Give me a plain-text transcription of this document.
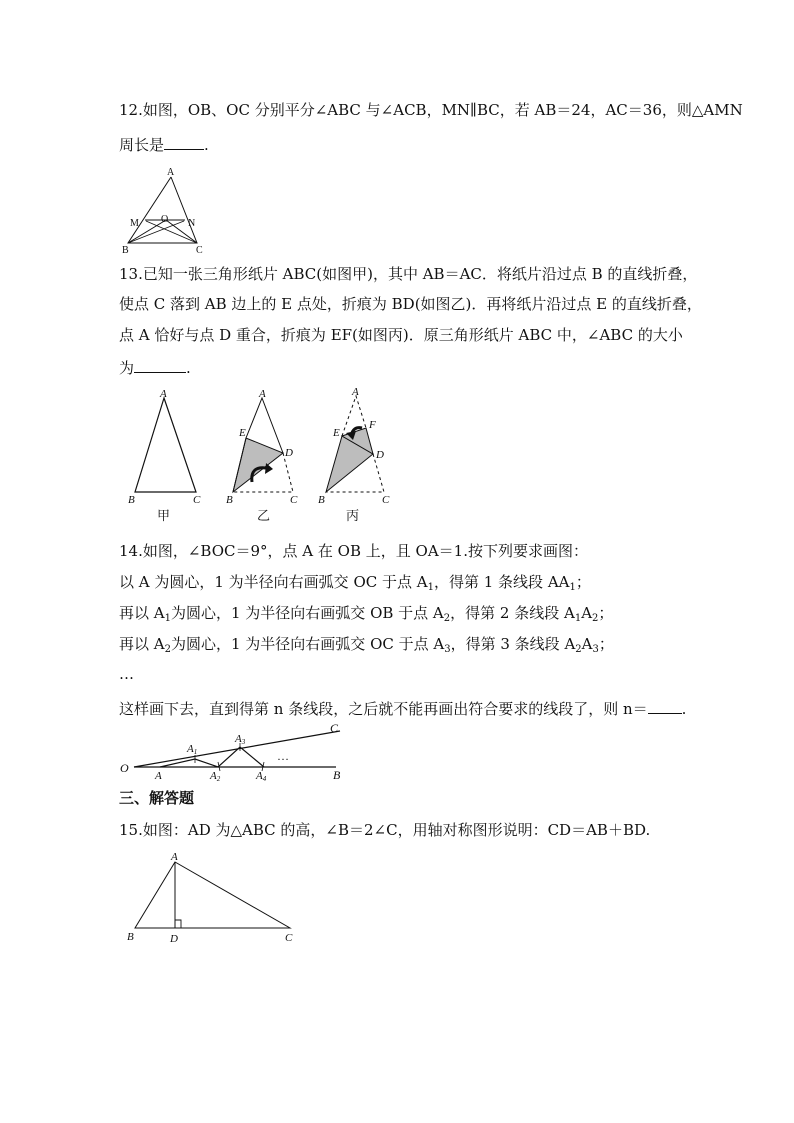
12.如图，OB、OC 分别平分∠ABC 与∠ACB，MN∥BC，若 AB＝24，AC＝36，则△AMN
周长是	.
A
M O N
B	C
13.已知一张三角形纸片 ABC(如图甲)，其中 AB＝AC．将纸片沿过点 B 的直线折叠，
使点 C 落到 AB 边上的 E 点处，折痕为 BD(如图乙)．再将纸片沿过点 E 的直线折叠，
点 A 恰好与点 D 重合，折痕为 EF(如图丙)．原三角形纸片 ABC 中，∠ABC 的大小
为	.
A
B	C
甲
A
E
D
B	C
乙
A
F
E
D
B	C
丙
14.如图，∠BOC＝9°，点 A 在 OB 上，且 OA＝1.按下列要求画图：
以 A 为圆心，1 为半径向右画弧交 OC 于点 $A_1$，得第 1 条线段 $AA_1$；
再以 $A_1$为圆心，1 为半径向右画弧交 OB 于点 $A_2$，得第 2 条线段 $A_1A_2$；
再以 $A_2$为圆心，1 为半径向右画弧交 OC 于点 $A_3$，得第 3 条线段 $A_2A_3$；
…
这样画下去，直到得第 n 条线段，之后就不能再画出符合要求的线段了，则 n＝ .
O
A
A1
A2
A3
A4
…
B
C
三、解答题
15.如图：AD 为△ABC 的高，∠B＝2∠C，用轴对称图形说明：CD＝AB＋BD.
A
B	D	C
